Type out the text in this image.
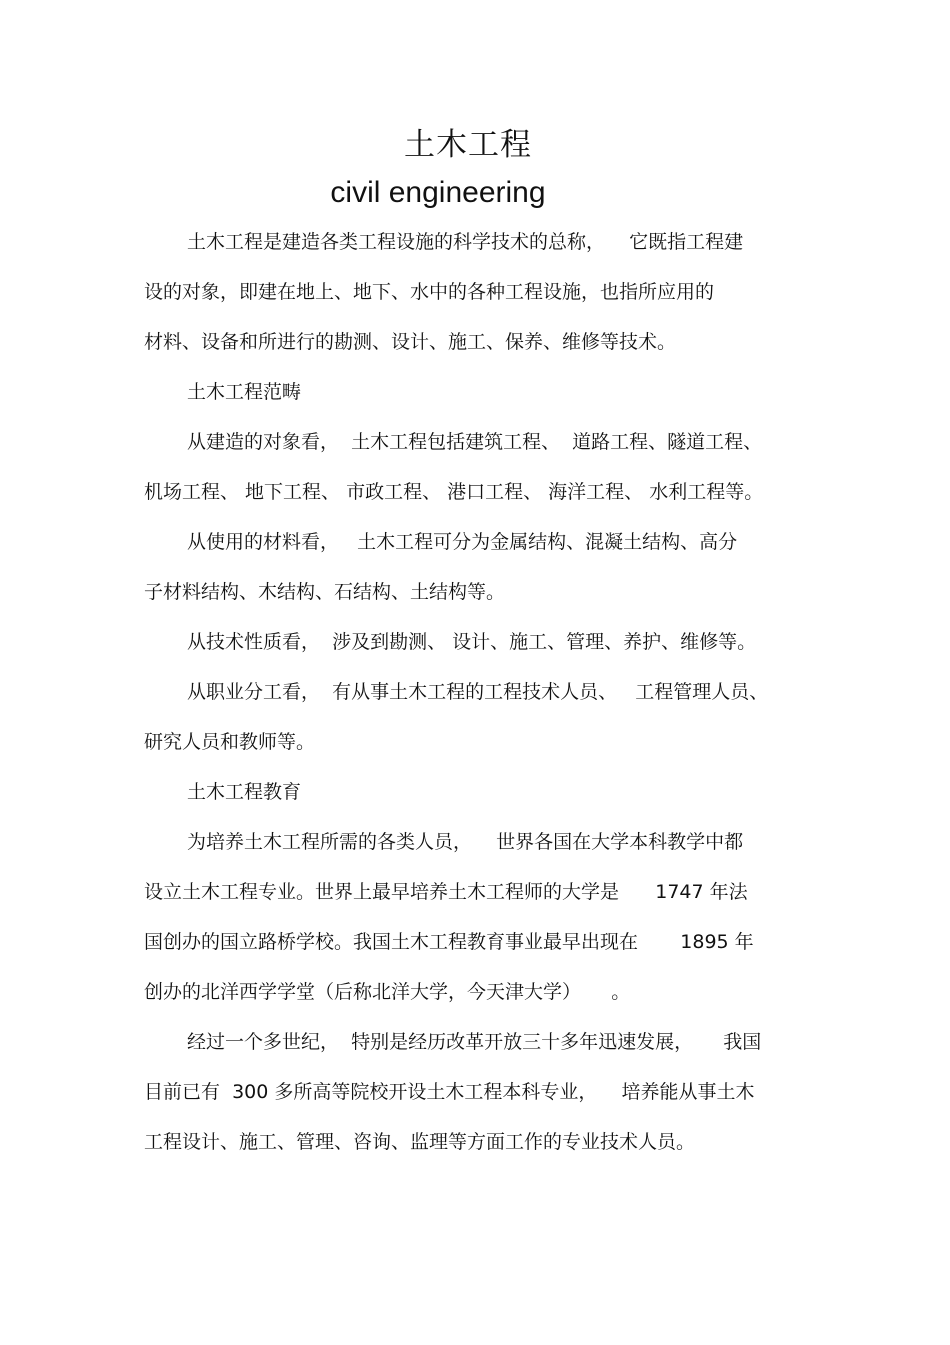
土木工程
civil engineering
土木工程是建造各类工程设施的科学技术的总称，    它既指工程建
设的对象，即建在地上、地下、水中的各种工程设施，也指所应用的
材料、设备和所进行的勘测、设计、施工、保养、维修等技术。
土木工程范畴
从建造的对象看，  土木工程包括建筑工程、  道路工程、隧道工程、
机场工程、 地下工程、 市政工程、 港口工程、 海洋工程、 水利工程等。
从使用的材料看，   土木工程可分为金属结构、混凝土结构、高分
子材料结构、木结构、石结构、土结构等。
从技术性质看，  涉及到勘测、 设计、施工、管理、养护、维修等。
从职业分工看，  有从事土木工程的工程技术人员、   工程管理人员、
研究人员和教师等。
土木工程教育
为培养土木工程所需的各类人员，    世界各国在大学本科教学中都
设立土木工程专业。世界上最早培养土木工程师的大学是      1747 年法
国创办的国立路桥学校。我国土木工程教育事业最早出现在       1895 年
创办的北洋西学学堂（后称北洋大学，今天津大学）     。
经过一个多世纪，  特别是经历改革开放三十多年迅速发展，     我国
目前已有  300 多所高等院校开设土木工程本科专业，    培养能从事土木
工程设计、施工、管理、咨询、监理等方面工作的专业技术人员。
